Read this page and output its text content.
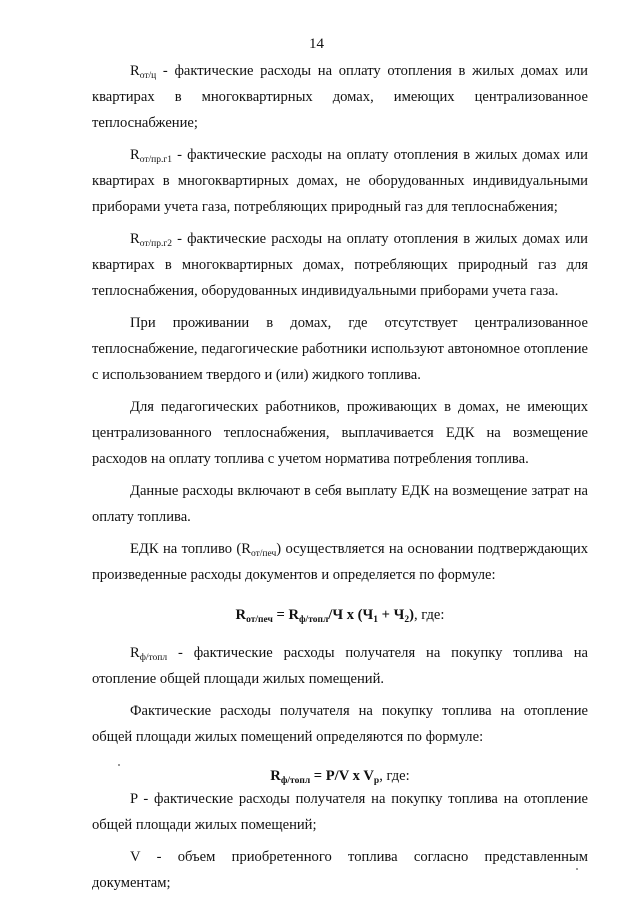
14

$R_{от/ц}$ - фактические расходы на оплату отопления в жилых домах или квартирах в многоквартирных домах, имеющих централизованное теплоснабжение;

$R_{от/пр.г1}$ - фактические расходы на оплату отопления в жилых домах или квартирах в многоквартирных домах, не оборудованных индивидуальными приборами учета газа, потребляющих природный газ для теплоснабжения;

$R_{от/пр.г2}$ - фактические расходы на оплату отопления в жилых домах или квартирах в многоквартирных домах, потребляющих природный газ для теплоснабжения, оборудованных индивидуальными приборами учета газа.

При проживании в домах, где отсутствует централизованное теплоснабжение, педагогические работники используют автономное отопление с использованием твердого и (или) жидкого топлива.

Для педагогических работников, проживающих в домах, не имеющих централизованного теплоснабжения, выплачивается ЕДК на возмещение расходов на оплату топлива с учетом норматива потребления топлива.

Данные расходы включают в себя выплату ЕДК на возмещение затрат на оплату топлива.

ЕДК на топливо $(R_{от/печ})$ осуществляется на основании подтверждающих произведенные расходы документов и определяется по формуле:

$R_{от/печ} = R_{ф/топл}/Ч$ x $(Ч_1 + Ч_2)$, где:

$R_{ф/топл}$ - фактические расходы получателя на покупку топлива на отопление общей площади жилых помещений.

Фактические расходы получателя на покупку топлива на отопление общей площади жилых помещений определяются по формуле:

$R_{ф/топл} = P/V$ x $V_р$, где:

P - фактические расходы получателя на покупку топлива на отопление общей площади жилых помещений;

V - объем приобретенного топлива согласно представленным документам;
